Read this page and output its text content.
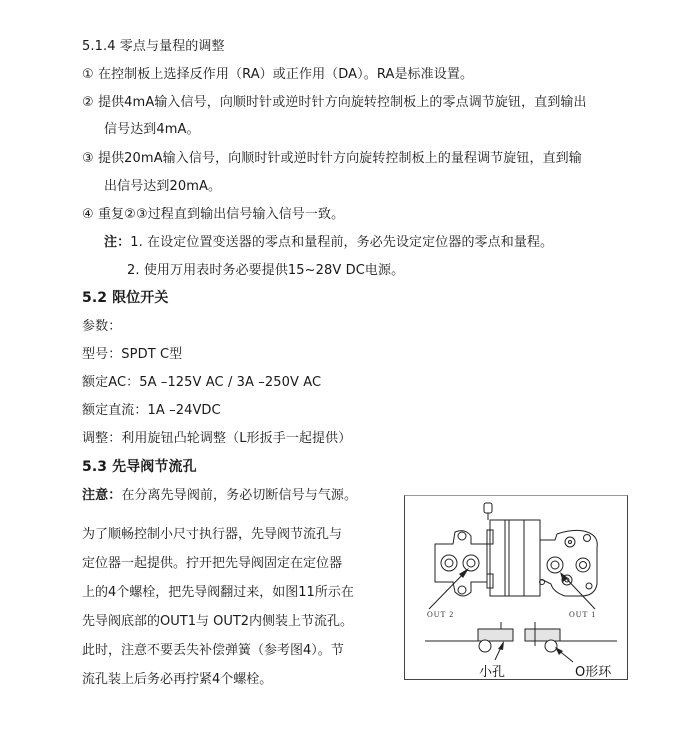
5.1.4 零点与量程的调整
① 在控制板上选择反作用（RA）或正作用（DA）。RA是标准设置。
② 提供4mA输入信号，向顺时针或逆时针方向旋转控制板上的零点调节旋钮，直到输出
信号达到4mA。
③ 提供20mA输入信号，向顺时针或逆时针方向旋转控制板上的量程调节旋钮，直到输
出信号达到20mA。
④ 重复②③过程直到输出信号输入信号一致。
注：1. 在设定位置变送器的零点和量程前，务必先设定定位器的零点和量程。
2. 使用万用表时务必要提供15~28V DC电源。
5.2 限位开关
参数：
型号：SPDT C型
额定AC：5A –125V AC / 3A –250V AC
额定直流：1A –24VDC
调整：利用旋钮凸轮调整（L形扳手一起提供）
5.3 先导阀节流孔
注意：在分离先导阀前，务必切断信号与气源。
为了顺畅控制小尺寸执行器，先导阀节流孔与
定位器一起提供。拧开把先导阀固定在定位器
上的4个螺栓，把先导阀翻过来，如图11所示在
先导阀底部的OUT1与 OUT2内侧装上节流孔。
此时，注意不要丢失补偿弹簧（参考图4）。节
流孔装上后务必再拧紧4个螺栓。
OUT 2	OUT 1
小孔	O形环
